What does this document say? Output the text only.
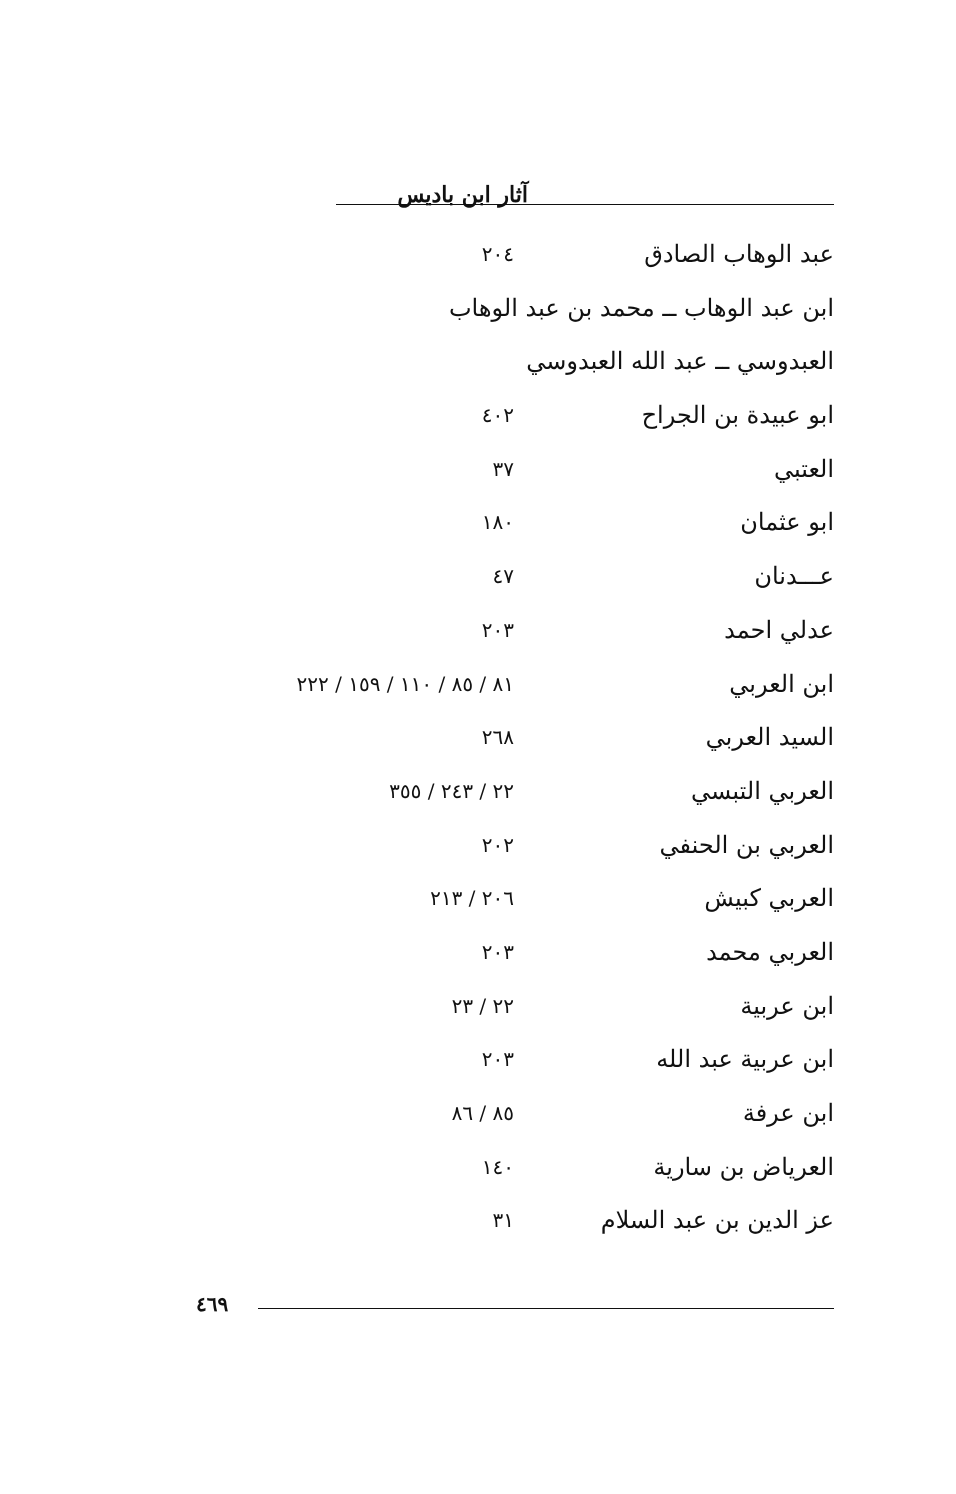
آثار ابن باديس
عبد الوهاب الصادق
٢٠٤
ابن عبد الوهاب ــ محمد بن عبد الوهاب
العبدوسي ــ عبد الله العبدوسي
ابو عبيدة بن الجراح
٤٠٢
العتبي
٣٧
ابو عثمان
١٨٠
عـــدنان
٤٧
عدلي احمد
٢٠٣
ابن العربي
٨١ / ٨٥ / ١١٠ / ١٥٩ / ٢٢٢
السيد العربي
٢٦٨
العربي التبسي
٢٢ / ٢٤٣ / ٣٥٥
العربي بن الحنفي
٢٠٢
العربي كبيش
٢٠٦ / ٢١٣
العربي محمد
٢٠٣
ابن عربية
٢٢ / ٢٣
ابن عربية عبد الله
٢٠٣
ابن عرفة
٨٥ / ٨٦
العرياض بن سارية
١٤٠
عز الدين بن عبد السلام
٣١
٤٦٩
